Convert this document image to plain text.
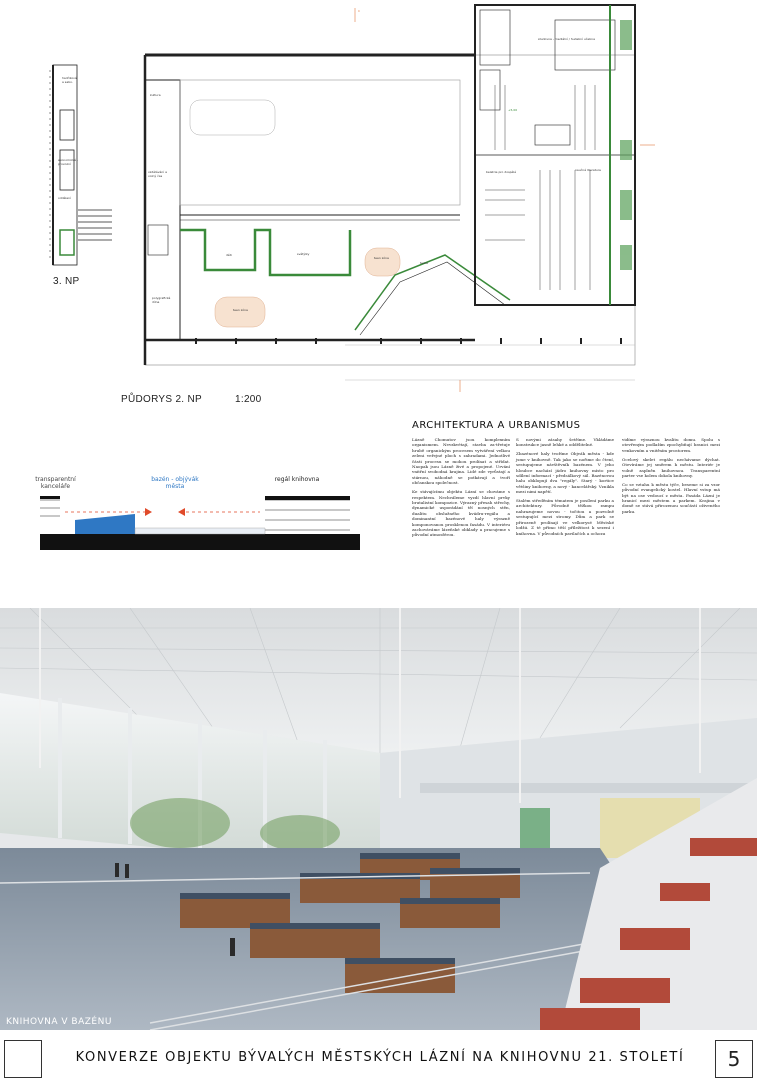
hadřiková a sabo.
ekonomická - provozní
oddělení
kultura
vzdělávání a volný čas
studovna - mediální / hudební učebna
beletrie pro dospělé	naučná literatura
děti	světýlky
teen zóna
teen zóna
terka
polygrafická dílna
+5,00
C
3. NP
PŮDORYS 2. NP	1:200
transparentní kanceláře
bazén - objývák města
regál knihovna
ARCHITEKTURA A URBANISMUS

Lázně Chomutov jsou komplexním organismem. Nevzkvétají, stavba za-třetuje hrubě organickým procesem vytváření velkou zeleni veřejné ploch s zahradami. Jednotlivé části procesu se mohou prolínat a střídat. Naopak jsou Lázně živé a propojené. Urvání vnitřní svobodná krajina. Lidé zde vyrůstají a stárnou, náhodně se potkávají a tvoří občanskou společnost.

Ke stávajícímu objektu Lázní se chováme s respektem. Nechváleme vyzdí hlavní prvky brutalistní kompozice. Výrazný přesah střechy, dynamické usporádání tří nosných stěn, dualitu obslužného kvádru-regálu a dominantní bazénové haly výrazně komponovanou prosklenou fasádu. V interiéru zachováváme lázeňské obklady a pracujeme s původní atmosférou.

S novými zásahy šetříme. Vkládáme konstrukce jasně lehké a oddělitelné.

Zbazénové haly tvoříme Objvák města - kde jsme v knihovně. Tak jako se nořime do čtení, sestupujeme návštěvník bazénem. V jeho hloubce nachází jádro knihovny místo pro sdílení informací - předsálkový sál. Bazénovou halu obklopují dva "regály". Starý - kortice většiny knihovny, a nový - kancelářský. Vznikla mezi nimi napětí.

Stalém středěním tématem je posílení parku a architektury. Původně těžkou rampu nahrazujeme novou - točitou a pozvolně sestupující mezi stromy. Dům a park se přirozeně prolínají ve velkorysé Městské lodžii. Z té přímo těší příležitost k sezení i knihovna. V původních pavilačích a ochozu

vidíme výraznou kvalitu domu. Spolu s otevřeným podlažím zpochybňují hranici mezi venkovním a vnitřním prostorem.

Ocelový skelet regálu nechávame dýchat. Otevíráme jej směrem k městu. Interiér je volně zaplněn knihovnou. Transparentní parter vse kolem dokola knihovny.

Co se vztahu k městu týče, beseme si za vzor původní evangelický kostel. Hlavní vstup má být na ose vedoucí z města. Fasáda Lázní je hranicí mezi městem a parkem. Krajina v domě se stává přirozenou součástí oživeného parku.

KNIHOVNA V BAZÉNU
KONVERZE OBJEKTU BÝVALÝCH MĚSTSKÝCH LÁZNÍ NA KNIHOVNU 21. STOLETÍ	5
